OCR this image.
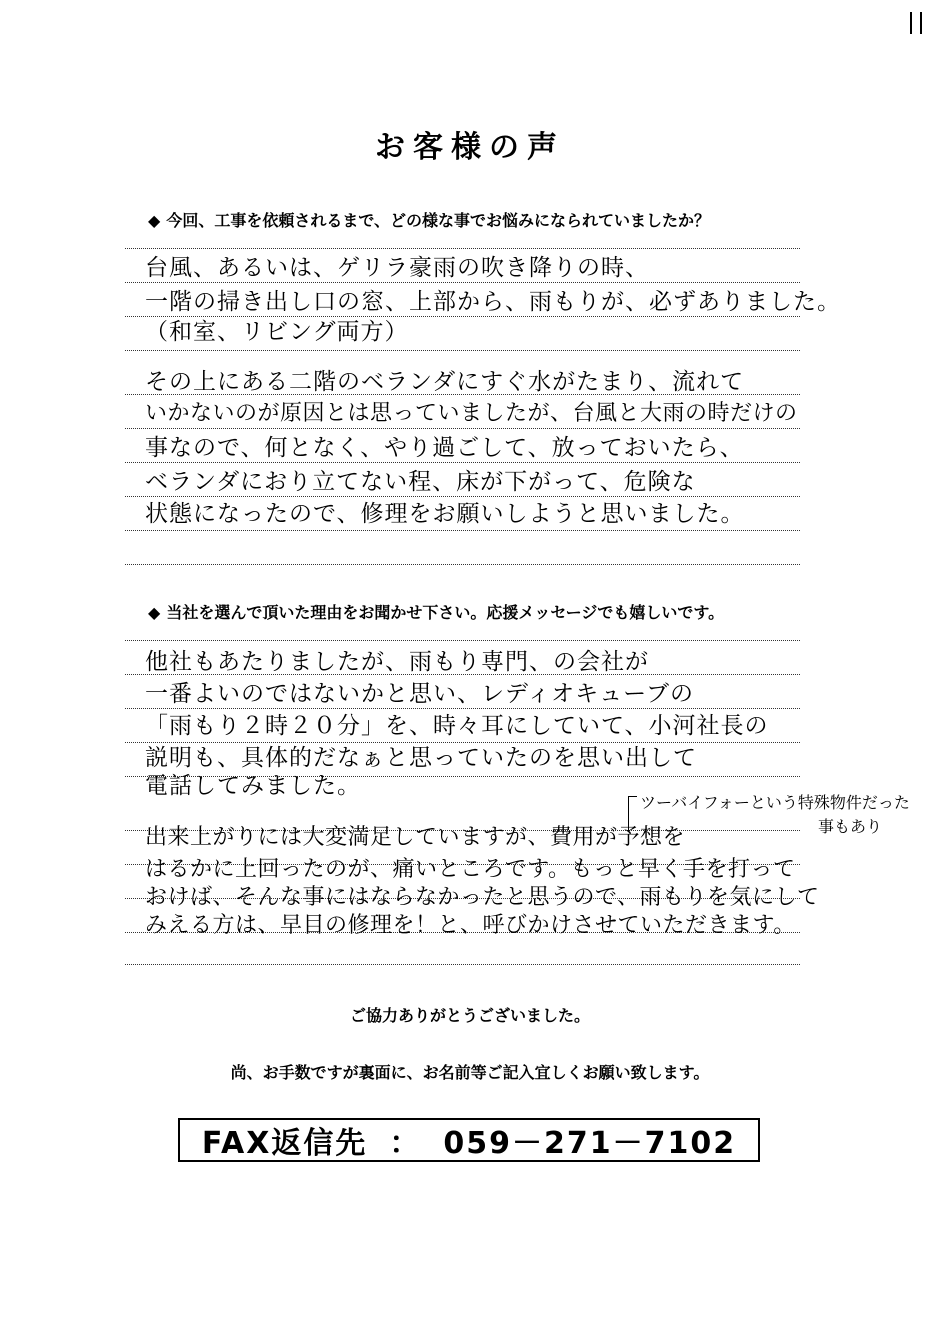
お客様の声
◆ 今回、工事を依頼されるまで、どの様な事でお悩みになられていましたか？
台風、あるいは、ゲリラ豪雨の吹き降りの時、
一階の掃き出し口の窓、上部から、雨もりが、必ずありました。
（和室、リビング両方）
その上にある二階のベランダにすぐ水がたまり、流れて
いかないのが原因とは思っていましたが、台風と大雨の時だけの
事なので、何となく、やり過ごして、放っておいたら、
ベランダにおり立てない程、床が下がって、危険な
状態になったので、修理をお願いしようと思いました。
◆ 当社を選んで頂いた理由をお聞かせ下さい。応援メッセージでも嬉しいです。
他社もあたりましたが、雨もり専門、の会社が
一番よいのではないかと思い、レディオキューブの
「雨もり２時２０分」を、時々耳にしていて、小河社長の
説明も、具体的だなぁと思っていたのを思い出して
電話してみました。
出来上がりには大変満足していますが、費用が予想を
はるかに上回ったのが、痛いところです。もっと早く手を打って
おけば、そんな事にはならなかったと思うので、雨もりを気にして
みえる方は、早目の修理を！と、呼びかけさせていただきます。
ツーバイフォーという特殊物件だった
事もあり
ご協力ありがとうございました。
尚、お手数ですが裏面に、お名前等ご記入宜しくお願い致します。
FAX返信先 ： 059－271－7102
